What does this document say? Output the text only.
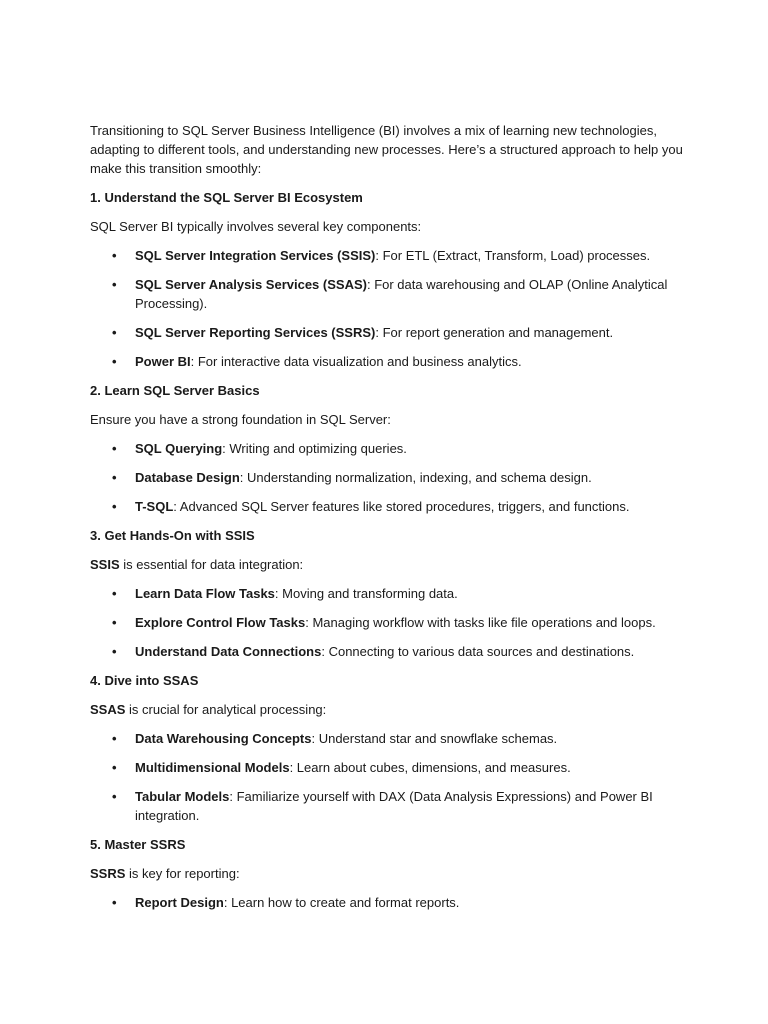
Transitioning to SQL Server Business Intelligence (BI) involves a mix of learning new technologies, adapting to different tools, and understanding new processes. Here’s a structured approach to help you make this transition smoothly:

1. Understand the SQL Server BI Ecosystem
SQL Server BI typically involves several key components:
• SQL Server Integration Services (SSIS): For ETL (Extract, Transform, Load) processes.
• SQL Server Analysis Services (SSAS): For data warehousing and OLAP (Online Analytical Processing).
• SQL Server Reporting Services (SSRS): For report generation and management.
• Power BI: For interactive data visualization and business analytics.
2. Learn SQL Server Basics
Ensure you have a strong foundation in SQL Server:
• SQL Querying: Writing and optimizing queries.
• Database Design: Understanding normalization, indexing, and schema design.
• T-SQL: Advanced SQL Server features like stored procedures, triggers, and functions.
3. Get Hands-On with SSIS
SSIS is essential for data integration:
• Learn Data Flow Tasks: Moving and transforming data.
• Explore Control Flow Tasks: Managing workflow with tasks like file operations and loops.
• Understand Data Connections: Connecting to various data sources and destinations.
4. Dive into SSAS
SSAS is crucial for analytical processing:
• Data Warehousing Concepts: Understand star and snowflake schemas.
• Multidimensional Models: Learn about cubes, dimensions, and measures.
• Tabular Models: Familiarize yourself with DAX (Data Analysis Expressions) and Power BI integration.
5. Master SSRS
SSRS is key for reporting:
• Report Design: Learn how to create and format reports.
